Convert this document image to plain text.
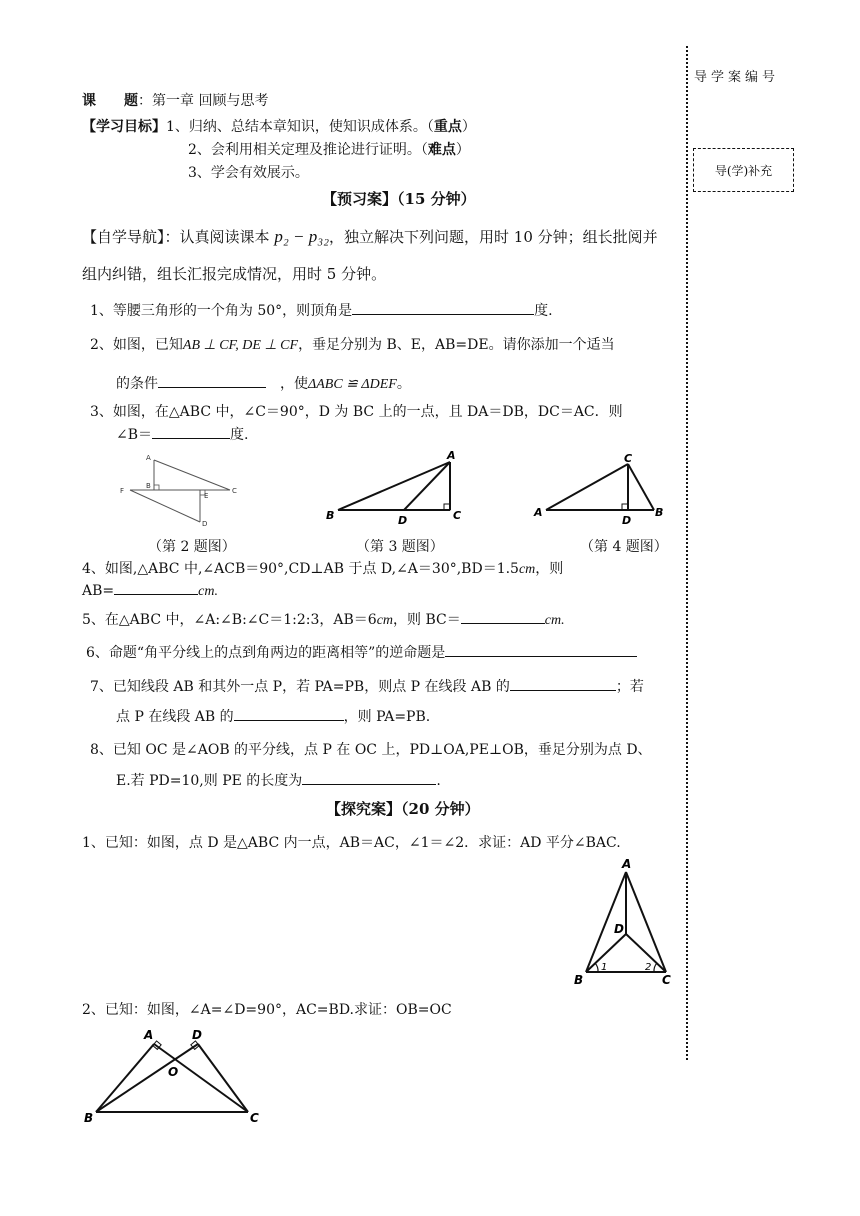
导学案编号
导(学)补充
课　　题：第一章 回顾与思考
【学习目标】1、归纳、总结本章知识，使知识成体系。（重点）
2、会利用相关定理及推论进行证明。（难点）
3、学会有效展示。
【预习案】（15 分钟）
【自学导航】：认真阅读课本 p₂ − p₃₂，独立解决下列问题，用时 10 分钟；组长批阅并
组内纠错，组长汇报完成情况，用时 5 分钟。
1、等腰三角形的一个角为 50°，则顶角是	度.
2、如图，已知AB ⊥ CF, DE ⊥ CF，垂足分别为 B、E，AB=DE。请你添加一个适当
的条件　	，使ΔABC ≌ ΔDEF。
3、如图，在△ABC 中，∠C＝90°，D 为 BC 上的一点，且 DA＝DB，DC＝AC．则
∠B＝	度.
A
B
F
E
C
D
A
B	D	C
C
A
D
B
（第 2 题图）	（第 3 题图）	（第 4 题图）
4、如图,△ABC 中,∠ACB＝90°,CD⊥AB 于点 D,∠A＝30°,BD＝1.5cm，则
AB=	cm.
5、在△ABC 中，∠A:∠B:∠C＝1:2:3，AB＝6cm，则 BC＝	cm.
6、命题“角平分线上的点到角两边的距离相等”的逆命题是
7、已知线段 AB 和其外一点 P，若 PA=PB，则点 P 在线段 AB 的	；若
点 P 在线段 AB 的	，则 PA=PB.
8、已知 OC 是∠AOB 的平分线，点 P 在 OC 上，PD⊥OA,PE⊥OB，垂足分别为点 D、
E.若 PD=10,则 PE 的长度为	.
【探究案】（20 分钟）
1、已知：如图，点 D 是△ABC 内一点，AB＝AC，∠1＝∠2．求证：AD 平分∠BAC.
A
D
B	C
1	2
2、已知：如图，∠A=∠D=90°，AC=BD.求证：OB=OC
A	D
O
B	C
